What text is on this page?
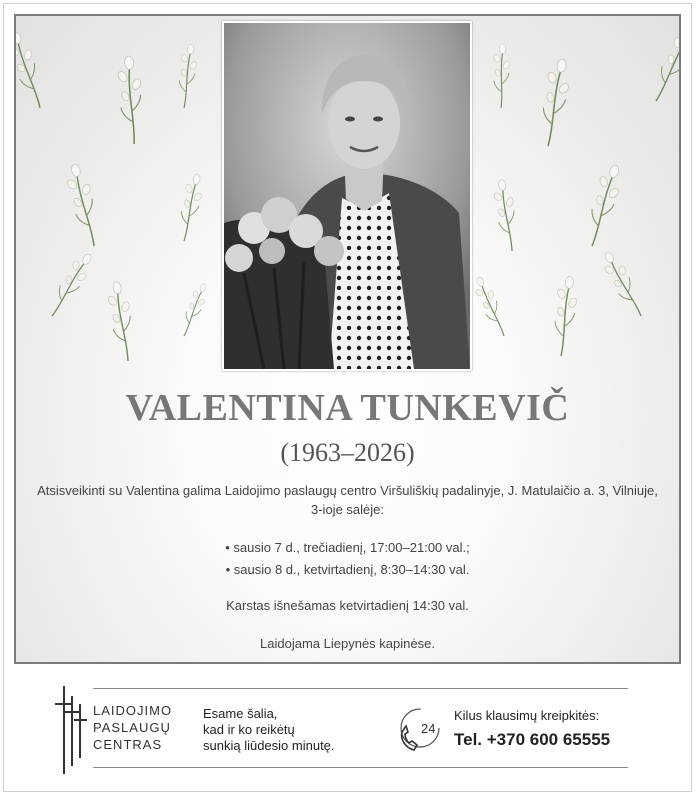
VALENTINA TUNKEVIČ
(1963–2026)
Atsisveikinti su Valentina galima Laidojimo paslaugų centro Viršuliškių padalinyje, J. Matulaičio a. 3, Vilniuje, 3-ioje salėje:
• sausio 7 d., trečiadienį, 17:00–21:00 val.;
• sausio 8 d., ketvirtadienį, 8:30–14:30 val.
Karstas išnešamas ketvirtadienį 14:30 val.
Laidojama Liepynės kapinėse.
LAIDOJIMO
PASLAUGŲ
CENTRAS
Esame šalia,
kad ir ko reikėtų
sunkią liūdesio minutę.
24
Kilus klausimų kreipkitės:
Tel. +370 600 65555
